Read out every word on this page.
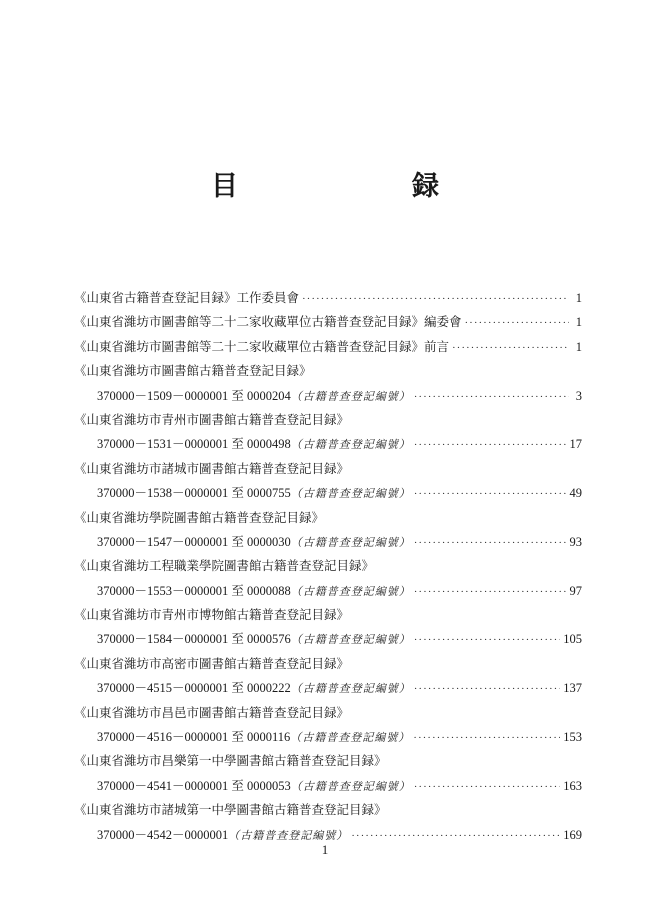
目　　録
《山東省古籍普查登記目録》工作委員會 ·····	1
《山東省濰坊市圖書館等二十二家收藏單位古籍普查登記目録》編委會 ·····	1
《山東省濰坊市圖書館等二十二家收藏單位古籍普查登記目録》前言 ·····	1
《山東省濰坊市圖書館古籍普查登記目録》
370000－1509－0000001 至 0000204 （古籍普查登記編號） ·····	3
《山東省濰坊市青州市圖書館古籍普查登記目録》
370000－1531－0000001 至 0000498 （古籍普查登記編號） ·····	17
《山東省濰坊市諸城市圖書館古籍普查登記目録》
370000－1538－0000001 至 0000755 （古籍普查登記編號） ·····	49
《山東省濰坊學院圖書館古籍普查登記目録》
370000－1547－0000001 至 0000030 （古籍普查登記編號） ·····	93
《山東省濰坊工程職業學院圖書館古籍普查登記目録》
370000－1553－0000001 至 0000088 （古籍普查登記編號） ·····	97
《山東省濰坊市青州市博物館古籍普查登記目録》
370000－1584－0000001 至 0000576 （古籍普查登記編號） ·····	105
《山東省濰坊市高密市圖書館古籍普查登記目録》
370000－4515－0000001 至 0000222 （古籍普查登記編號） ·····	137
《山東省濰坊市昌邑市圖書館古籍普查登記目録》
370000－4516－0000001 至 0000116 （古籍普查登記編號） ·····	153
《山東省濰坊市昌樂第一中學圖書館古籍普查登記目録》
370000－4541－0000001 至 0000053 （古籍普查登記編號） ·····	163
《山東省濰坊市諸城第一中學圖書館古籍普查登記目録》
370000－4542－0000001 （古籍普查登記編號） ·····	169
1
